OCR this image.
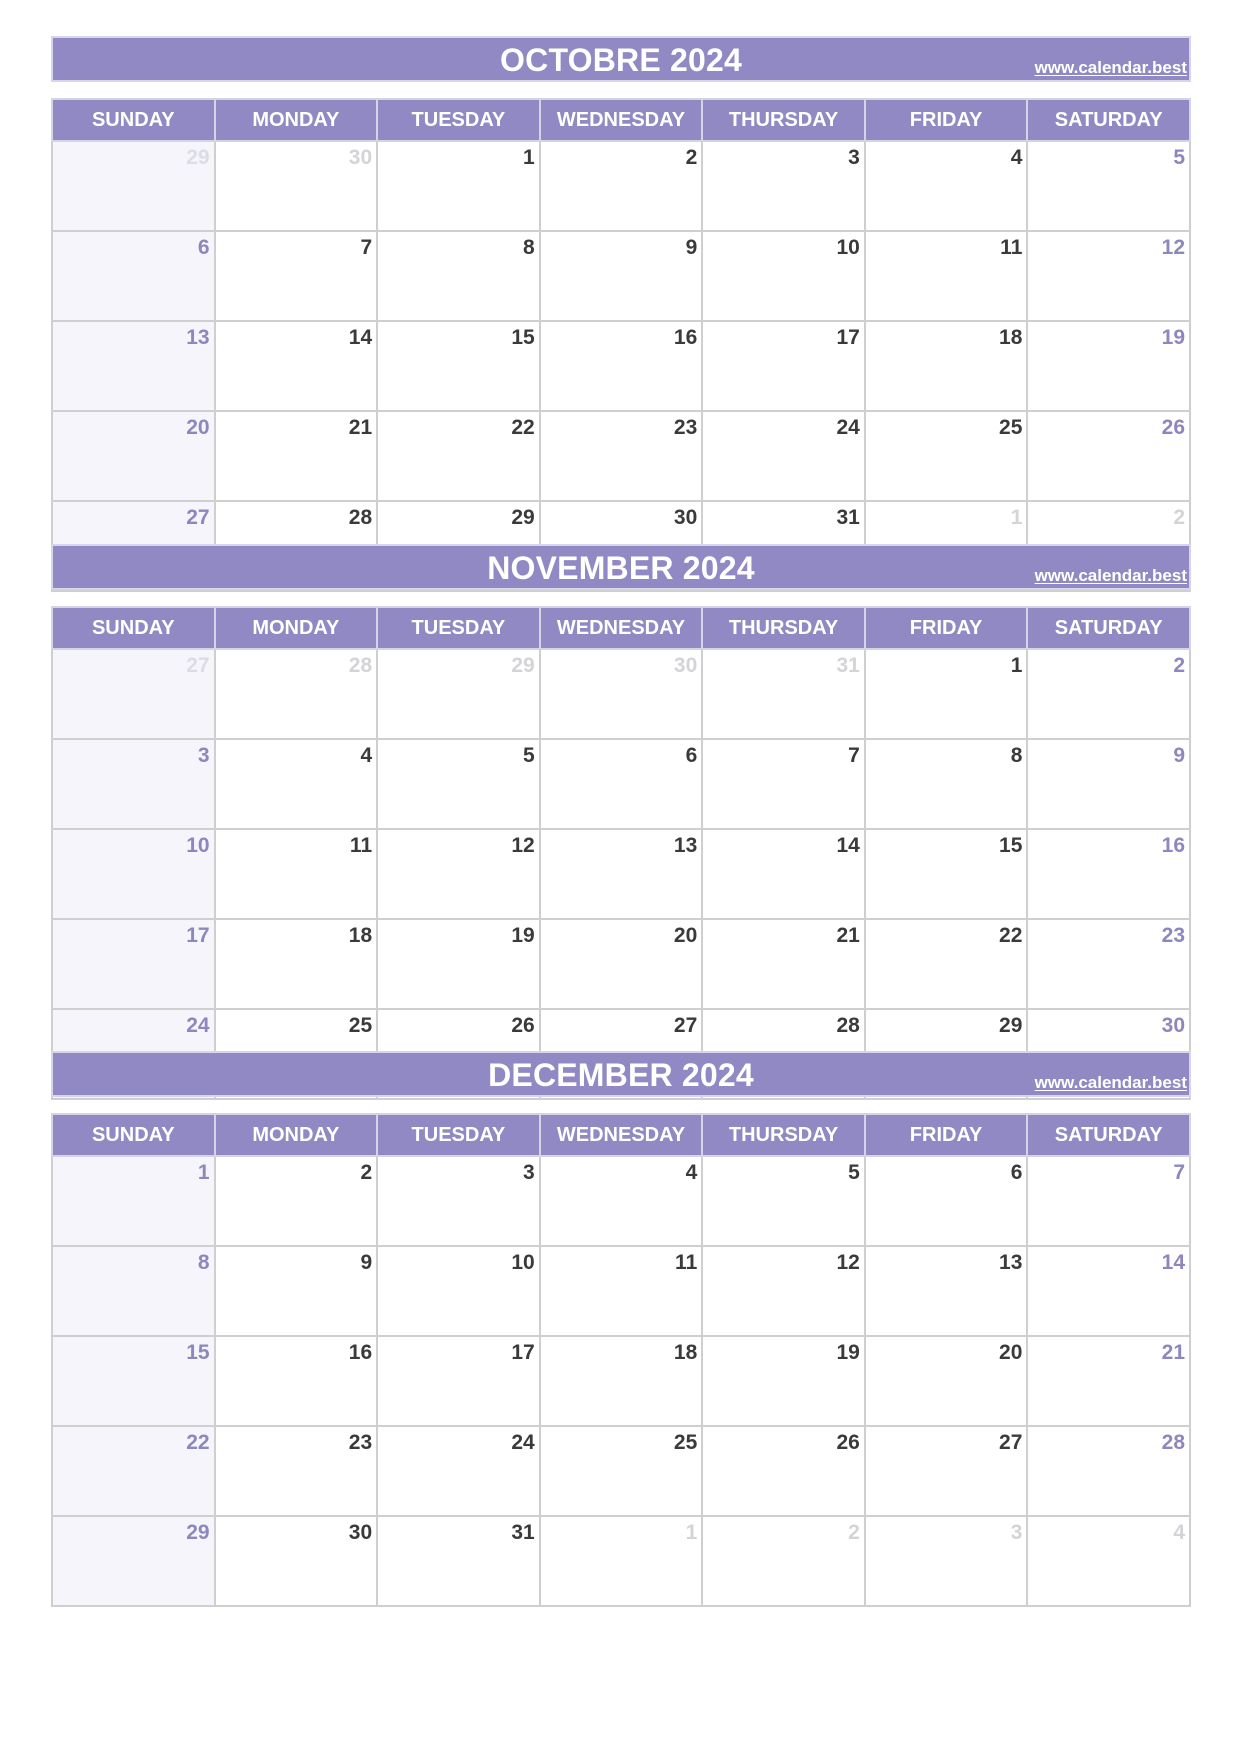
OCTOBRE 2024	www.calendar.best
SUNDAY	MONDAY	TUESDAY	WEDNESDAY	THURSDAY	FRIDAY	SATURDAY
29	30	1	2	3	4	5
6	7	8	9	10	11	12
13	14	15	16	17	18	19
20	21	22	23	24	25	26
27	28	29	30	31	1	2
NOVEMBER 2024	www.calendar.best
SUNDAY	MONDAY	TUESDAY	WEDNESDAY	THURSDAY	FRIDAY	SATURDAY
27	28	29	30	31	1	2
3	4	5	6	7	8	9
10	11	12	13	14	15	16
17	18	19	20	21	22	23
24	25	26	27	28	29	30
DECEMBER 2024	www.calendar.best
SUNDAY	MONDAY	TUESDAY	WEDNESDAY	THURSDAY	FRIDAY	SATURDAY
1	2	3	4	5	6	7
8	9	10	11	12	13	14
15	16	17	18	19	20	21
22	23	24	25	26	27	28
29	30	31	1	2	3	4
